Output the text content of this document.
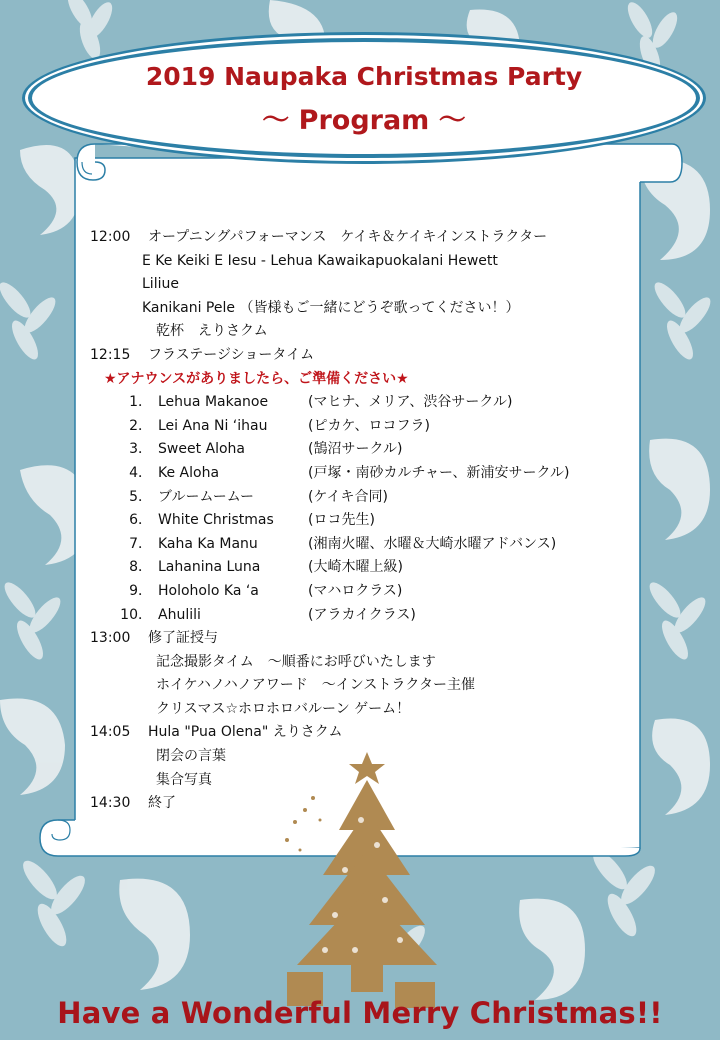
2019 Naupaka Christmas Party
～ Program ～
12:00 オープニングパフォーマンス　ケイキ＆ケイキインストラクター
E Ke Keiki E Iesu - Lehua Kawaikapuokalani Hewett
Liliue
Kanikani Pele （皆様もご一緒にどうぞ歌ってください！）
乾杯　えりさクム
12:15 フラステージショータイム
★アナウンスがありましたら、ご準備ください★
1． Lehua Makanoe	(マヒナ、メリア、渋谷サークル)
2． Lei Ana Ni ‘ihau	(ピカケ、ロコフラ)
3． Sweet Aloha	(鵠沼サークル)
4． Ke Aloha	(戸塚・南砂カルチャー、新浦安サークル)
5． ブルームームー	(ケイキ合同)
6． White Christmas (ロコ先生)
7． Kaha Ka Manu	(湘南火曜、水曜＆大崎水曜アドバンス)
8． Lahanina Luna	(大崎木曜上級)
9． Holoholo Ka ‘a	(マハロクラス)
10． Ahulili	(アラカイクラス)
13:00 修了証授与
記念撮影タイム　～順番にお呼びいたします
ホイケハノハノアワード　～インストラクター主催
クリスマス☆ホロホロバルーン ゲーム！
14:05 Hula "Pua Olena" えりさクム
閉会の言葉
集合写真
14:30 終了
Have a Wonderful Merry Christmas!!
